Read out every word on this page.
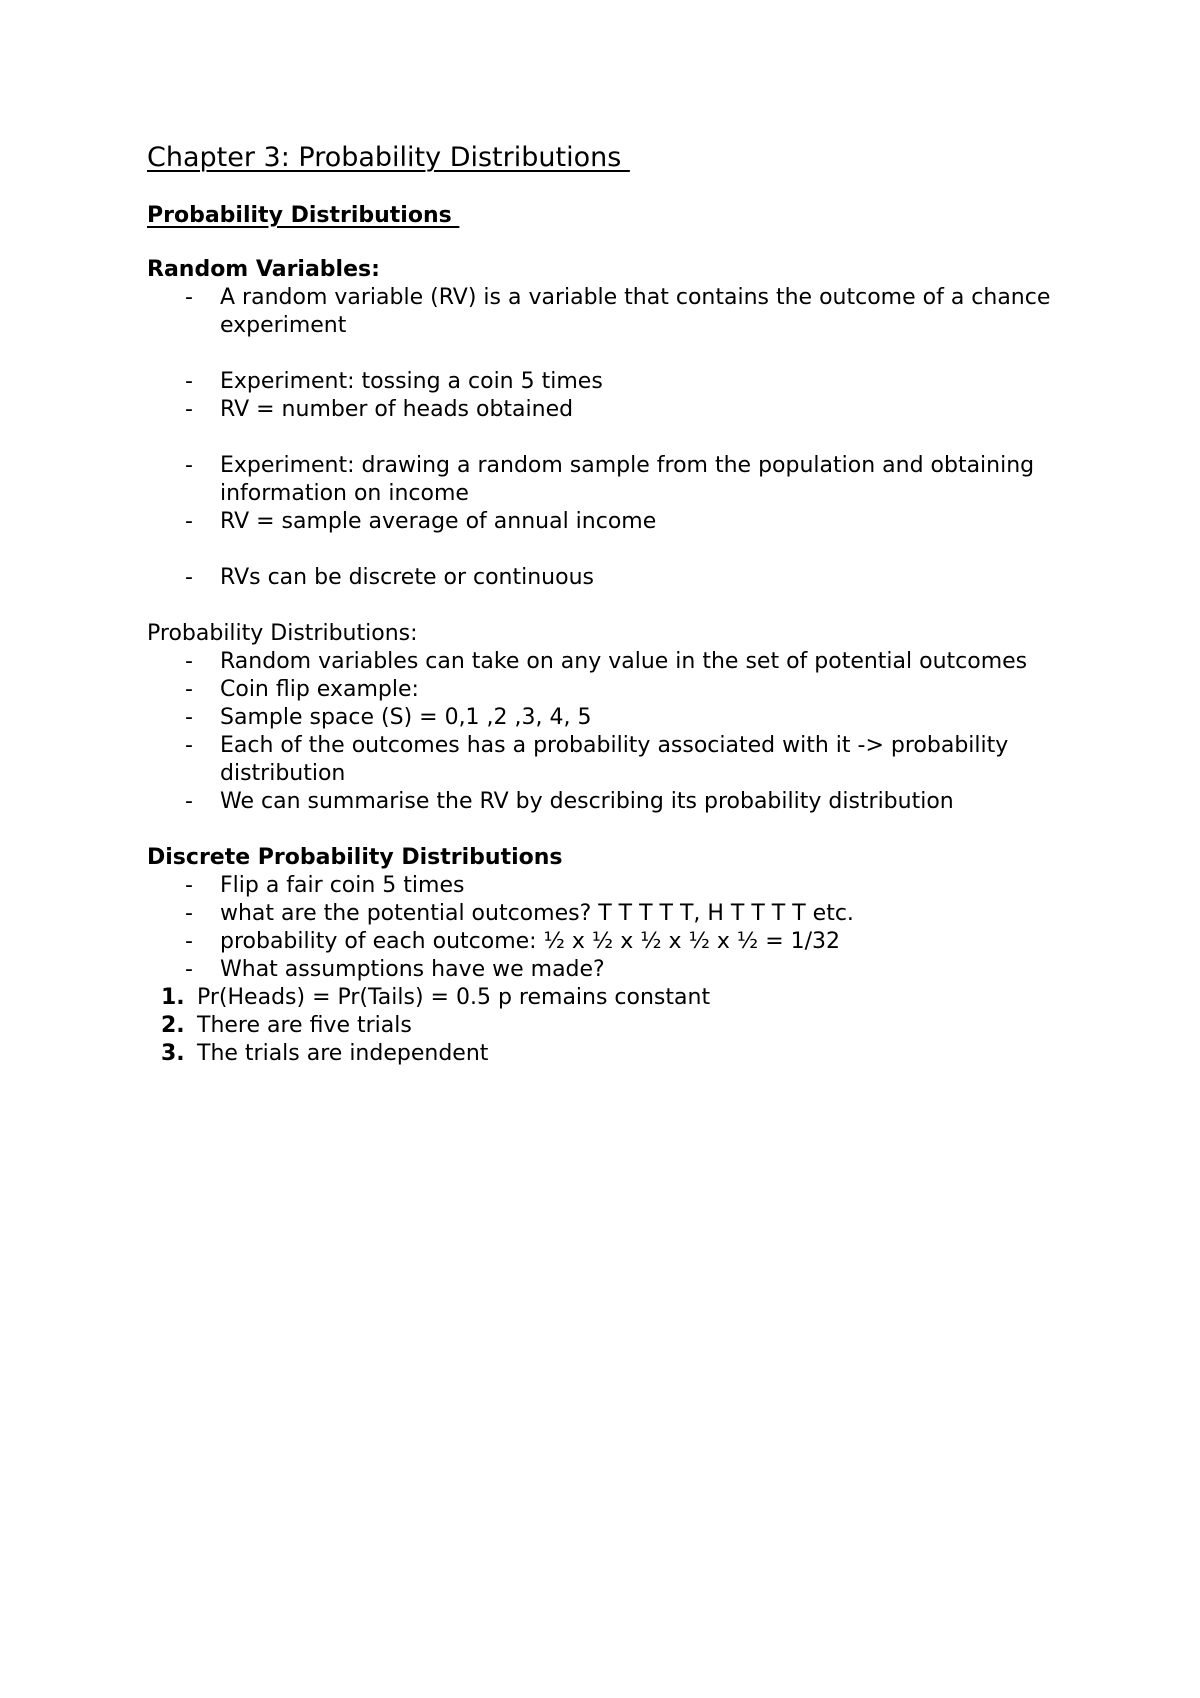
Chapter 3: Probability Distributions
Probability Distributions
Random Variables:
- A random variable (RV) is a variable that contains the outcome of a chance experiment
- Experiment: tossing a coin 5 times
- RV = number of heads obtained
- Experiment: drawing a random sample from the population and obtaining information on income
- RV = sample average of annual income
- RVs can be discrete or continuous
Probability Distributions:
- Random variables can take on any value in the set of potential outcomes
- Coin flip example:
- Sample space (S) = 0,1 ,2 ,3, 4, 5
- Each of the outcomes has a probability associated with it -> probability distribution
- We can summarise the RV by describing its probability distribution
Discrete Probability Distributions
- Flip a fair coin 5 times
- what are the potential outcomes? T T T T T, H T T T T etc.
- probability of each outcome: ½ x ½ x ½ x ½ x ½ = 1/32
- What assumptions have we made?
1. Pr(Heads) = Pr(Tails) = 0.5 p remains constant
2. There are five trials
3. The trials are independent
